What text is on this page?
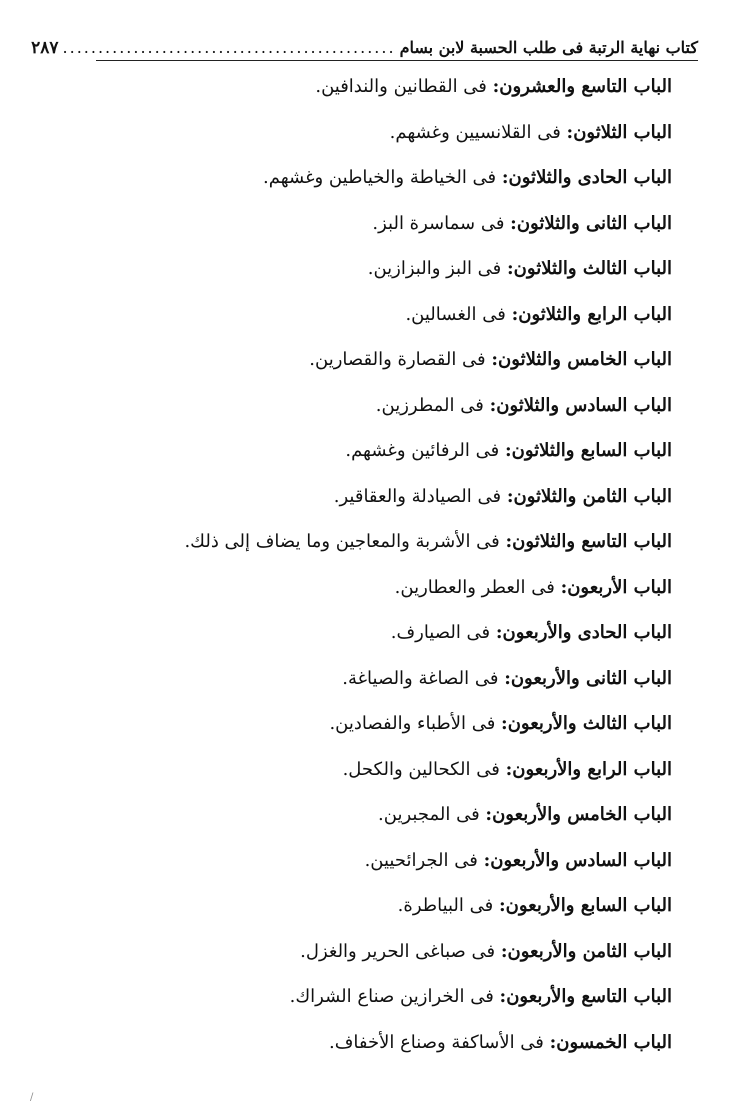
كتاب نهاية الرتبة فى طلب الحسبة لابن بسام
...............................................
٢٨٧
الباب التاسع والعشرون: فى القطانين والندافين.
الباب الثلاثون: فى القلانسيين وغشهم.
الباب الحادى والثلاثون: فى الخياطة والخياطين وغشهم.
الباب الثانى والثلاثون: فى سماسرة البز.
الباب الثالث والثلاثون: فى البز والبزازين.
الباب الرابع والثلاثون: فى الغسالين.
الباب الخامس والثلاثون: فى القصارة والقصارين.
الباب السادس والثلاثون: فى المطرزين.
الباب السابع والثلاثون: فى الرفائين وغشهم.
الباب الثامن والثلاثون: فى الصيادلة والعقاقير.
الباب التاسع والثلاثون: فى الأشربة والمعاجين وما يضاف إلى ذلك.
الباب الأربعون: فى العطر والعطارين.
الباب الحادى والأربعون: فى الصيارف.
الباب الثانى والأربعون: فى الصاغة والصياغة.
الباب الثالث والأربعون: فى الأطباء والفصادين.
الباب الرابع والأربعون: فى الكحالين والكحل.
الباب الخامس والأربعون: فى المجبرين.
الباب السادس والأربعون: فى الجرائحيين.
الباب السابع والأربعون: فى البياطرة.
الباب الثامن والأربعون: فى صباغى الحرير والغزل.
الباب التاسع والأربعون: فى الخرازين صناع الشراك.
الباب الخمسون: فى الأساكفة وصناع الأخفاف.
/
